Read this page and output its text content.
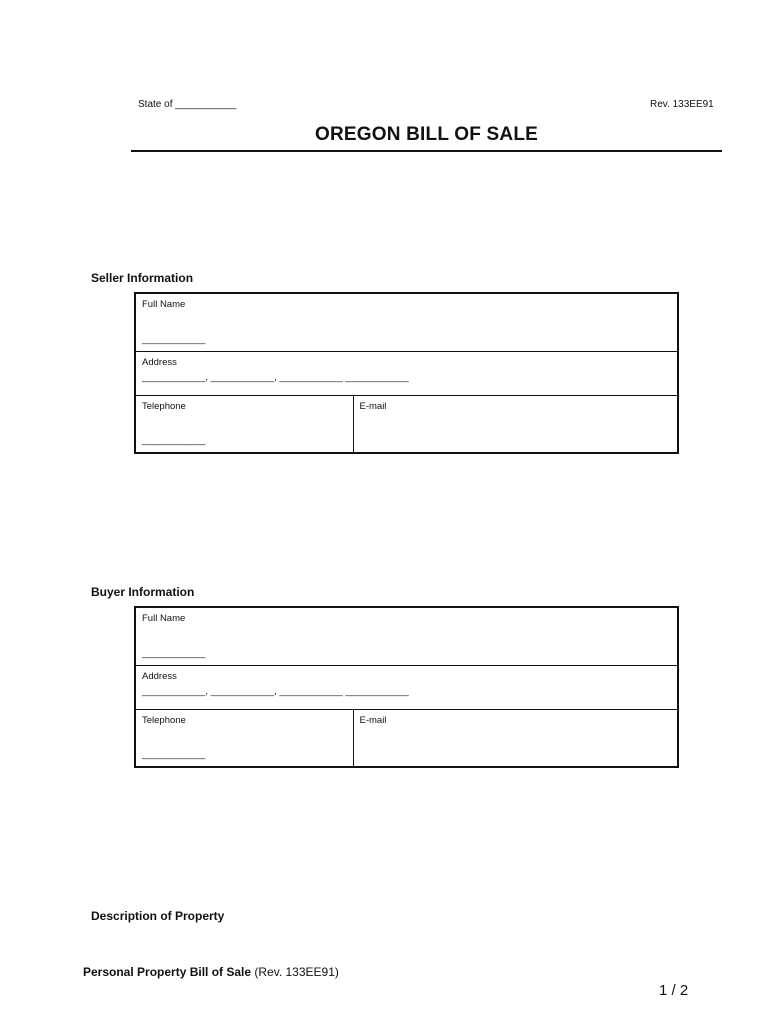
State of ___________	Rev. 133EE91
OREGON BILL OF SALE
Seller Information
Full Name
____________

Address
____________, ____________, ____________ ____________

Telephone
____________

E-mail
Buyer Information
Full Name
____________

Address
____________, ____________, ____________ ____________

Telephone
____________

E-mail
Description of Property
Personal Property Bill of Sale (Rev. 133EE91)
1 / 2
